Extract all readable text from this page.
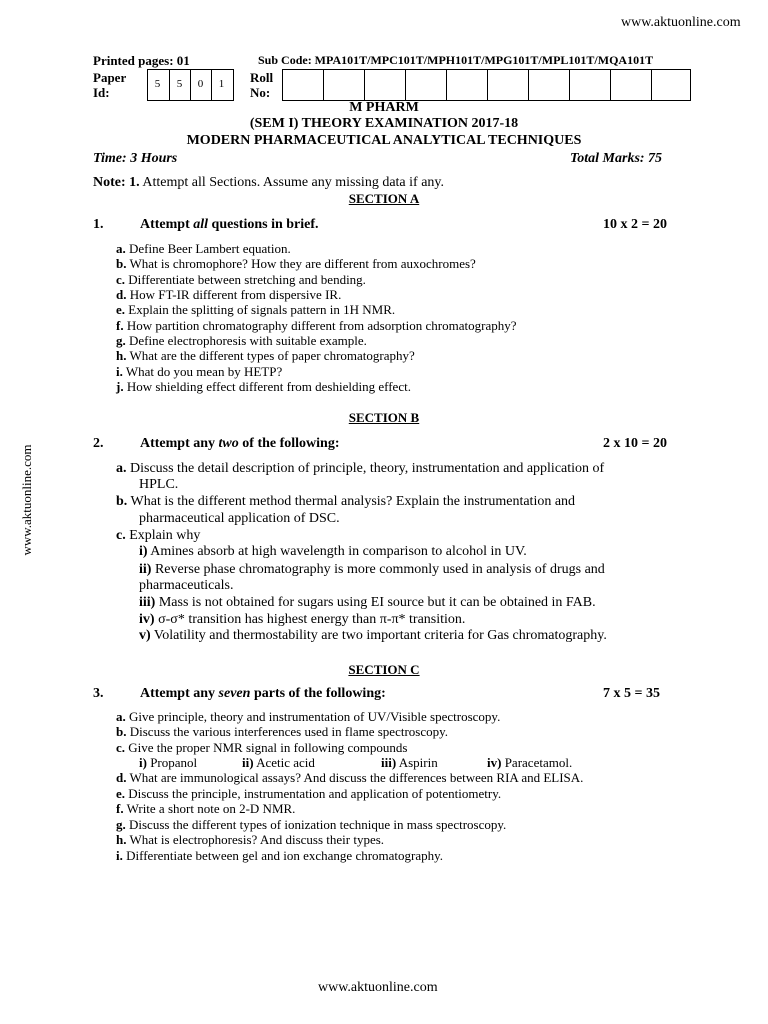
www.aktuonline.com
www.aktuonline.com
www.aktuonline.com
Printed pages: 01	Sub Code: MPA101T/MPC101T/MPH101T/MPG101T/MPL101T/MQA101T
Paper
Id:
5	5	0	1	Roll
No:
M PHARM
(SEM I) THEORY EXAMINATION 2017-18
MODERN PHARMACEUTICAL ANALYTICAL TECHNIQUES
Time: 3 Hours	Total Marks: 75
Note: 1. Attempt all Sections. Assume any missing data if any.
SECTION A
1.	Attempt all questions in brief.	10 x 2 = 20
a. Define Beer Lambert equation.
b. What is chromophore? How they are different from auxochromes?
c. Differentiate between stretching and bending.
d. How FT-IR different from dispersive IR.
e. Explain the splitting of signals pattern in 1H NMR.
f. How partition chromatography different from adsorption chromatography?
g. Define electrophoresis with suitable example.
h. What are the different types of paper chromatography?
i. What do you mean by HETP?
j. How shielding effect different from deshielding effect.
SECTION B
2.	Attempt any two of the following:	2 x 10 = 20
a. Discuss the detail description of principle, theory, instrumentation and application of
HPLC.
b. What is the different method thermal analysis? Explain the instrumentation and
pharmaceutical application of DSC.
c. Explain why
i) Amines absorb at high wavelength in comparison to alcohol in UV.
ii) Reverse phase chromatography is more commonly used in analysis of drugs and
pharmaceuticals.
iii) Mass is not obtained for sugars using EI source but it can be obtained in FAB.
iv) σ-σ* transition has highest energy than π-π* transition.
v) Volatility and thermostability are two important criteria for Gas chromatography.
SECTION C
3.	Attempt any seven parts of the following:	7 x 5 = 35
a. Give principle, theory and instrumentation of UV/Visible spectroscopy.
b. Discuss the various interferences used in flame spectroscopy.
c. Give the proper NMR signal in following compounds
i) Propanol	ii) Acetic acid	iii) Aspirin	iv) Paracetamol.
d. What are immunological assays? And discuss the differences between RIA and ELISA.
e. Discuss the principle, instrumentation and application of potentiometry.
f. Write a short note on 2-D NMR.
g. Discuss the different types of ionization technique in mass spectroscopy.
h. What is electrophoresis? And discuss their types.
i. Differentiate between gel and ion exchange chromatography.
